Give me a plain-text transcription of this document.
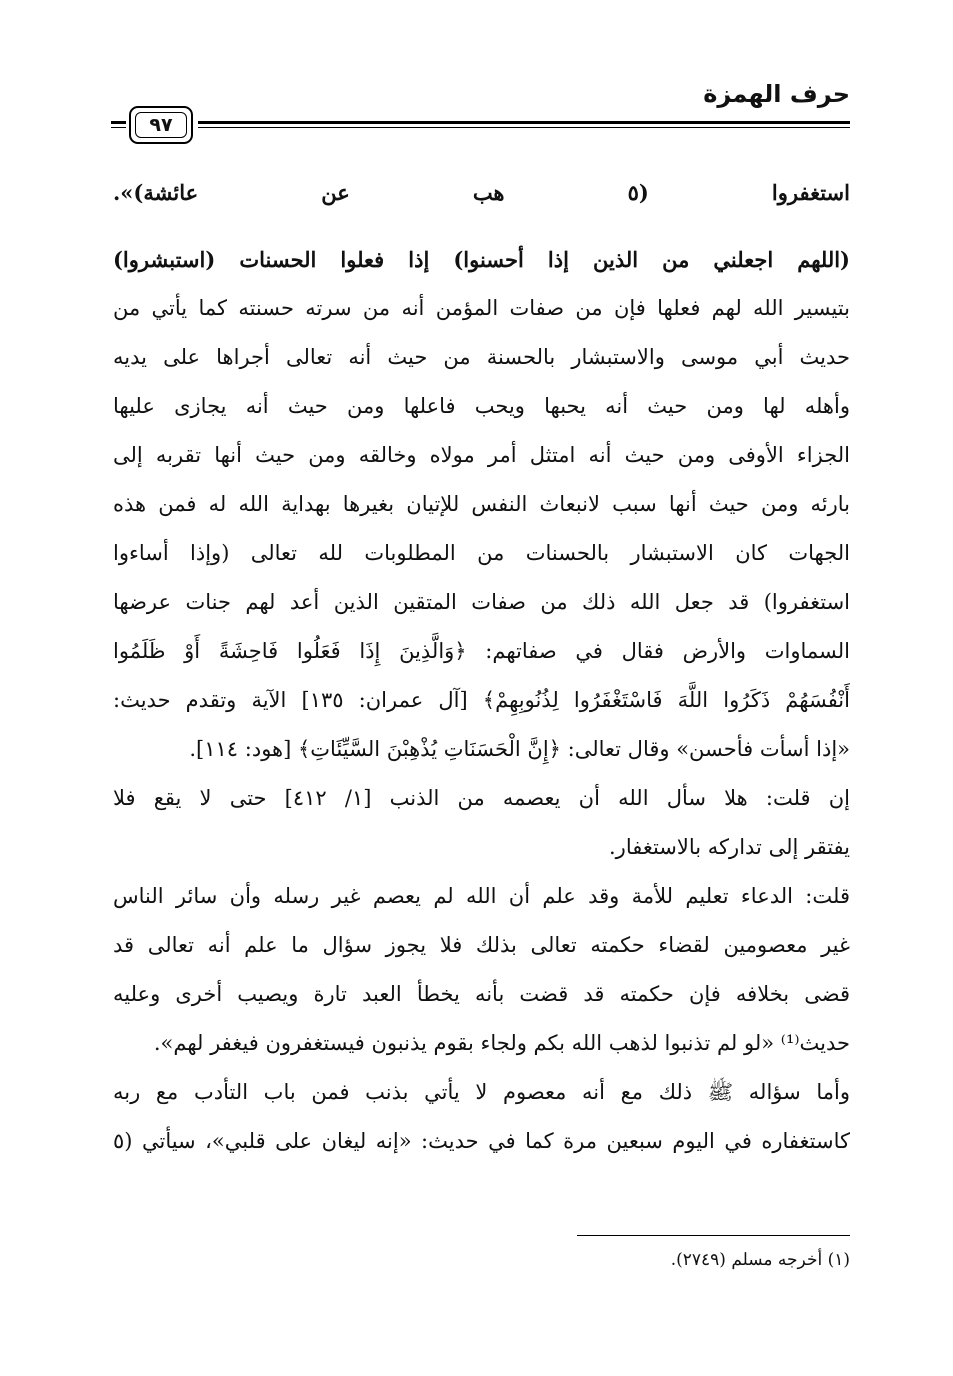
حرف الهمزة
٩٧
استغفروا (٥ هب عن عائشة)».
(اللهم اجعلني من الذين إذا أحسنوا) إذا فعلوا الحسنات (استبشروا)
بتيسير الله لهم فعلها فإن من صفات المؤمن أنه من سرته حسنته كما يأتي من
حديث أبي موسى والاستبشار بالحسنة من حيث أنه تعالى أجراها على يديه
وأهله لها ومن حيث أنه يحبها ويحب فاعلها ومن حيث أنه يجازى عليها
الجزاء الأوفى ومن حيث أنه امتثل أمر مولاه وخالقه ومن حيث أنها تقربه إلى
بارئه ومن حيث أنها سبب لانبعاث النفس للإتيان بغيرها بهداية الله له فمن هذه
الجهات كان الاستبشار بالحسنات من المطلوبات لله تعالى (وإذا أساءوا
استغفروا) قد جعل الله ذلك من صفات المتقين الذين أعد لهم جنات عرضها
السماوات والأرض فقال في صفاتهم: ﴿وَالَّذِينَ إِذَا فَعَلُوا فَاحِشَةً أَوْ ظَلَمُوا
أَنْفُسَهُمْ ذَكَرُوا اللَّهَ فَاسْتَغْفَرُوا لِذُنُوبِهِمْ﴾ [آل عمران: ١٣٥] الآية وتقدم حديث:
«إذا أسأت فأحسن» وقال تعالى: ﴿إِنَّ الْحَسَنَاتِ يُذْهِبْنَ السَّيِّئَاتِ﴾ [هود: ١١٤].
إن قلت: هلا سأل الله أن يعصمه من الذنب [١/ ٤١٢] حتى لا يقع فلا
يفتقر إلى تداركه بالاستغفار.
قلت: الدعاء تعليم للأمة وقد علم أن الله لم يعصم غير رسله وأن سائر الناس
غير معصومين لقضاء حكمته تعالى بذلك فلا يجوز سؤال ما علم أنه تعالى قد
قضى بخلافه فإن حكمته قد قضت بأنه يخطأ العبد تارة ويصيب أخرى وعليه
حديث⁽¹⁾ «لو لم تذنبوا لذهب الله بكم ولجاء بقوم يذنبون فيستغفرون فيغفر لهم».
وأما سؤاله ﷺ ذلك مع أنه معصوم لا يأتي بذنب فمن باب التأدب مع ربه
كاستغفاره في اليوم سبعين مرة كما في حديث: «إنه ليغان على قلبي»، سيأتي (٥
(١) أخرجه مسلم (٢٧٤٩).
